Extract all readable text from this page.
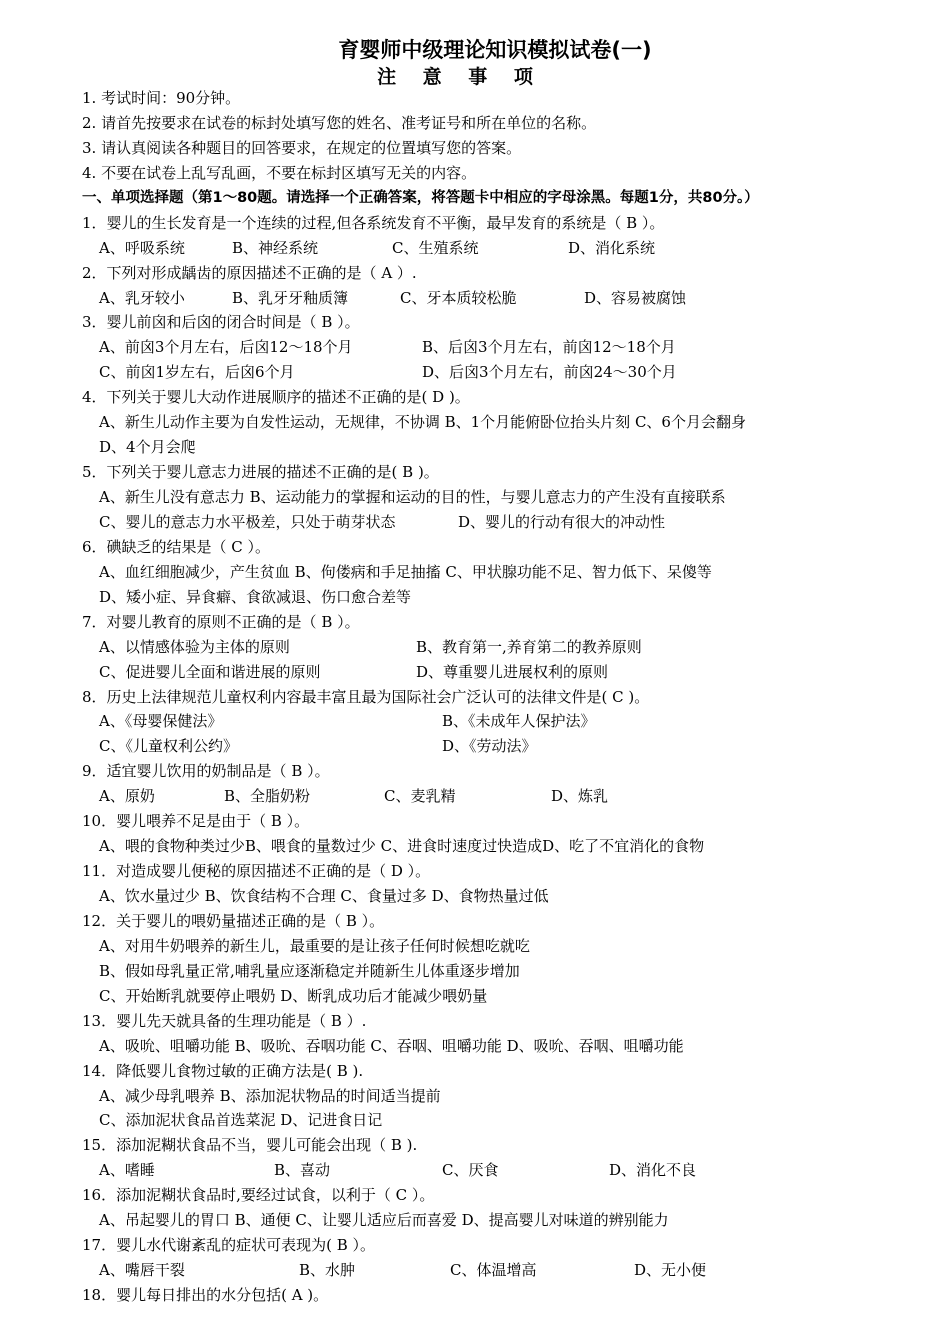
育婴师中级理论知识模拟试卷(一)
注 意 事 项
1. 考试时间：90分钟。
2. 请首先按要求在试卷的标封处填写您的姓名、准考证号和所在单位的名称。
3. 请认真阅读各种题目的回答要求，在规定的位置填写您的答案。
4. 不要在试卷上乱写乱画，不要在标封区填写无关的内容。
一、单项选择题（第1～80题。请选择一个正确答案，将答题卡中相应的字母涂黑。每题1分，共80分。）
1．婴儿的生长发育是一个连续的过程,但各系统发育不平衡，最早发育的系统是（ B ）。
A、呼吸系统	B、神经系统	C、生殖系统	D、消化系统
2．下列对形成龋齿的原因描述不正确的是（ A ）.
A、乳牙较小	B、乳牙牙釉质簿	C、牙本质较松脆	D、容易被腐蚀
3．婴儿前囟和后囟的闭合时间是（ B ）。
A、前囟3个月左右，后囟12～18个月	B、后囟3个月左右，前囟12～18个月
C、前囟1岁左右，后囟6个月	D、后囟3个月左右，前囟24～30个月
4．下列关于婴儿大动作进展顺序的描述不正确的是( D )。
A、新生儿动作主要为自发性运动，无规律，不协调 B、1个月能俯卧位抬头片刻 C、6个月会翻身
D、4个月会爬
5．下列关于婴儿意志力进展的描述不正确的是( B )。
A、新生儿没有意志力 B、运动能力的掌握和运动的目的性，与婴儿意志力的产生没有直接联系
C、婴儿的意志力水平极差，只处于萌芽状态	D、婴儿的行动有很大的冲动性
6．碘缺乏的结果是（ C ）。
A、血红细胞减少，产生贫血 B、佝偻病和手足抽搐 C、甲状腺功能不足、智力低下、呆傻等
D、矮小症、异食癖、食欲减退、伤口愈合差等
7．对婴儿教育的原则不正确的是（ B ）。
A、以情感体验为主体的原则	B、教育第一,养育第二的教养原则
C、促进婴儿全面和谐进展的原则	D、尊重婴儿进展权利的原则
8．历史上法律规范儿童权利内容最丰富且最为国际社会广泛认可的法律文件是( C )。
A、《母婴保健法》	B、《未成年人保护法》
C、《儿童权利公约》	D、《劳动法》
9．适宜婴儿饮用的奶制品是（ B ）。
A、原奶	B、全脂奶粉	C、麦乳精	D、炼乳
10．婴儿喂养不足是由于（ B ）。
A、喂的食物种类过少B、喂食的量数过少 C、进食时速度过快造成D、吃了不宜消化的食物
11．对造成婴儿便秘的原因描述不正确的是（ D ）。
A、饮水量过少 B、饮食结构不合理 C、食量过多 D、食物热量过低
12．关于婴儿的喂奶量描述正确的是（ B ）。
A、对用牛奶喂养的新生儿，最重要的是让孩子任何时候想吃就吃
B、假如母乳量正常,哺乳量应逐渐稳定并随新生儿体重逐步增加
C、开始断乳就要停止喂奶 D、断乳成功后才能减少喂奶量
13．婴儿先天就具备的生理功能是（ B ）.
A、吸吮、咀嚼功能 B、吸吮、吞咽功能 C、吞咽、咀嚼功能 D、吸吮、吞咽、咀嚼功能
14．降低婴儿食物过敏的正确方法是( B ).
A、减少母乳喂养 B、添加泥状物品的时间适当提前
C、添加泥状食品首选菜泥 D、记进食日记
15．添加泥糊状食品不当，婴儿可能会出现（ B ).
A、嗜睡	B、喜动	C、厌食	D、消化不良
16．添加泥糊状食品时,要经过试食，以利于（ C ）。
A、吊起婴儿的胃口 B、通便 C、让婴儿适应后而喜爱 D、提高婴儿对味道的辨别能力
17．婴儿水代谢紊乱的症状可表现为( B ）。
A、嘴唇干裂	B、水肿	C、体温增高	D、无小便
18．婴儿每日排出的水分包括( A )。
